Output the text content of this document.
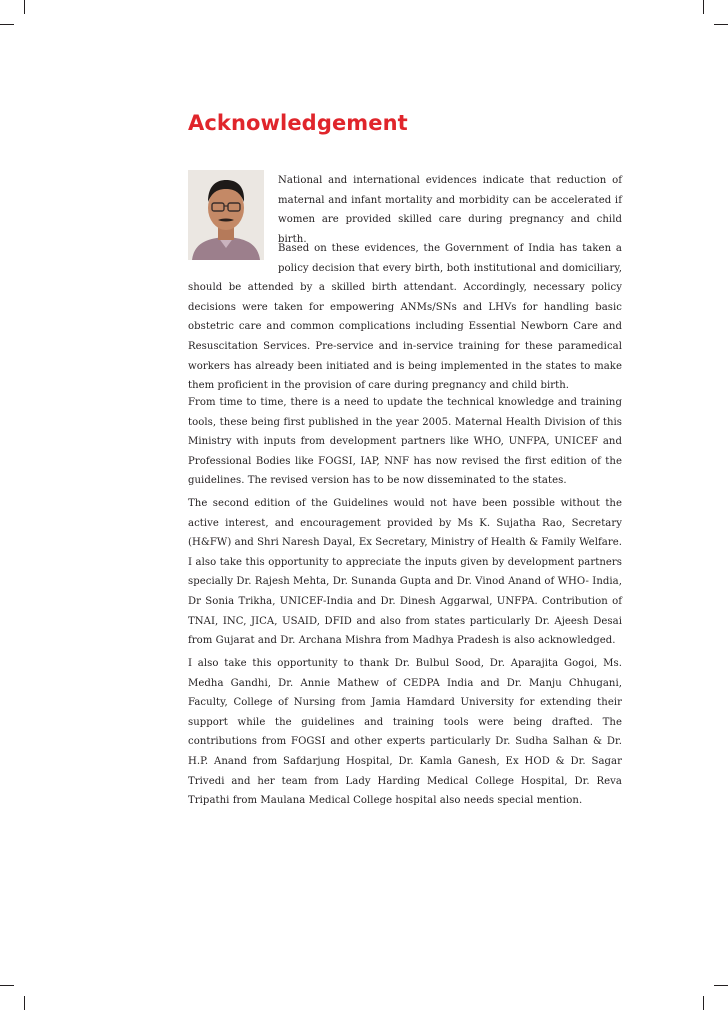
Acknowledgement

National and international evidences indicate that reduction of maternal and infant mortality and morbidity can be accelerated if women are provided skilled care during pregnancy and child birth.

Based on these evidences, the Government of India has taken a policy decision that every birth, both institutional and domiciliary, should be attended by a skilled birth attendant. Accordingly, necessary policy decisions were taken for empowering ANMs/SNs and LHVs for handling basic obstetric care and common complications including Essential Newborn Care and Resuscitation Services. Pre-service and in-service training for these paramedical workers has already been initiated and is being implemented in the states to make them proficient in the provision of care during pregnancy and child birth.

From time to time, there is a need to update the technical knowledge and training tools, these being first published in the year 2005. Maternal Health Division of this Ministry with inputs from development partners like WHO, UNFPA, UNICEF and Professional Bodies like FOGSI, IAP, NNF has now revised the first edition of the guidelines. The revised version has to be now disseminated to the states.

The second edition of the Guidelines would not have been possible without the active interest, and encouragement provided by Ms K. Sujatha Rao, Secretary (H&FW) and Shri Naresh Dayal, Ex Secretary, Ministry of Health & Family Welfare. I also take this opportunity to appreciate the inputs given by development partners specially Dr. Rajesh Mehta, Dr. Sunanda Gupta and Dr. Vinod Anand of WHO- India, Dr Sonia Trikha, UNICEF-India and Dr. Dinesh Aggarwal, UNFPA. Contribution of TNAI, INC, JICA, USAID, DFID and also from states particularly Dr. Ajeesh Desai from Gujarat and Dr. Archana Mishra from Madhya Pradesh is also acknowledged.

I also take this opportunity to thank Dr. Bulbul Sood, Dr. Aparajita Gogoi, Ms. Medha Gandhi, Dr. Annie Mathew of CEDPA India and Dr. Manju Chhugani, Faculty, College of Nursing from Jamia Hamdard University for extending their support while the guidelines and training tools were being drafted. The contributions from FOGSI and other experts particularly Dr. Sudha Salhan & Dr. H.P. Anand from Safdarjung Hospital, Dr. Kamla Ganesh, Ex HOD & Dr. Sagar Trivedi and her team from Lady Harding Medical College Hospital, Dr. Reva Tripathi from Maulana Medical College hospital also needs special mention.
